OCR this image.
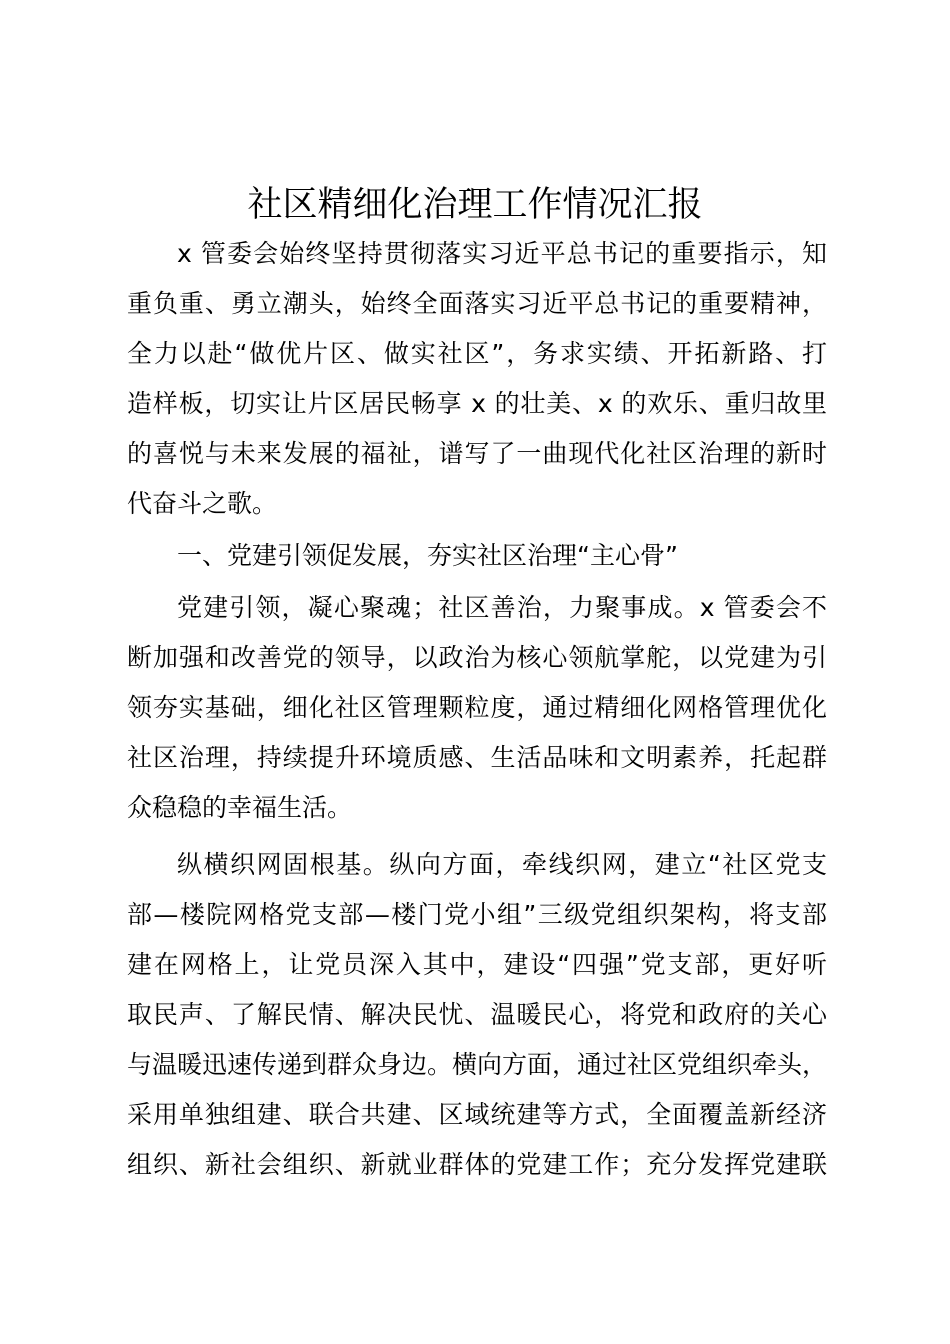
社区精细化治理工作情况汇报
x 管委会始终坚持贯彻落实习近平总书记的重要指示，知
重负重、勇立潮头，始终全面落实习近平总书记的重要精神，
全力以赴“做优片区、做实社区”，务求实绩、开拓新路、打
造样板，切实让片区居民畅享 x 的壮美、x 的欢乐、重归故里
的喜悦与未来发展的福祉，谱写了一曲现代化社区治理的新时
代奋斗之歌。
一、党建引领促发展，夯实社区治理“主心骨”
党建引领，凝心聚魂；社区善治，力聚事成。x 管委会不
断加强和改善党的领导，以政治为核心领航掌舵，以党建为引
领夯实基础，细化社区管理颗粒度，通过精细化网格管理优化
社区治理，持续提升环境质感、生活品味和文明素养，托起群
众稳稳的幸福生活。
纵横织网固根基。纵向方面，牵线织网，建立“社区党支
部—楼院网格党支部—楼门党小组”三级党组织架构，将支部
建在网格上，让党员深入其中，建设“四强”党支部，更好听
取民声、了解民情、解决民忧、温暖民心，将党和政府的关心
与温暖迅速传递到群众身边。横向方面，通过社区党组织牵头，
采用单独组建、联合共建、区域统建等方式，全面覆盖新经济
组织、新社会组织、新就业群体的党建工作；充分发挥党建联
